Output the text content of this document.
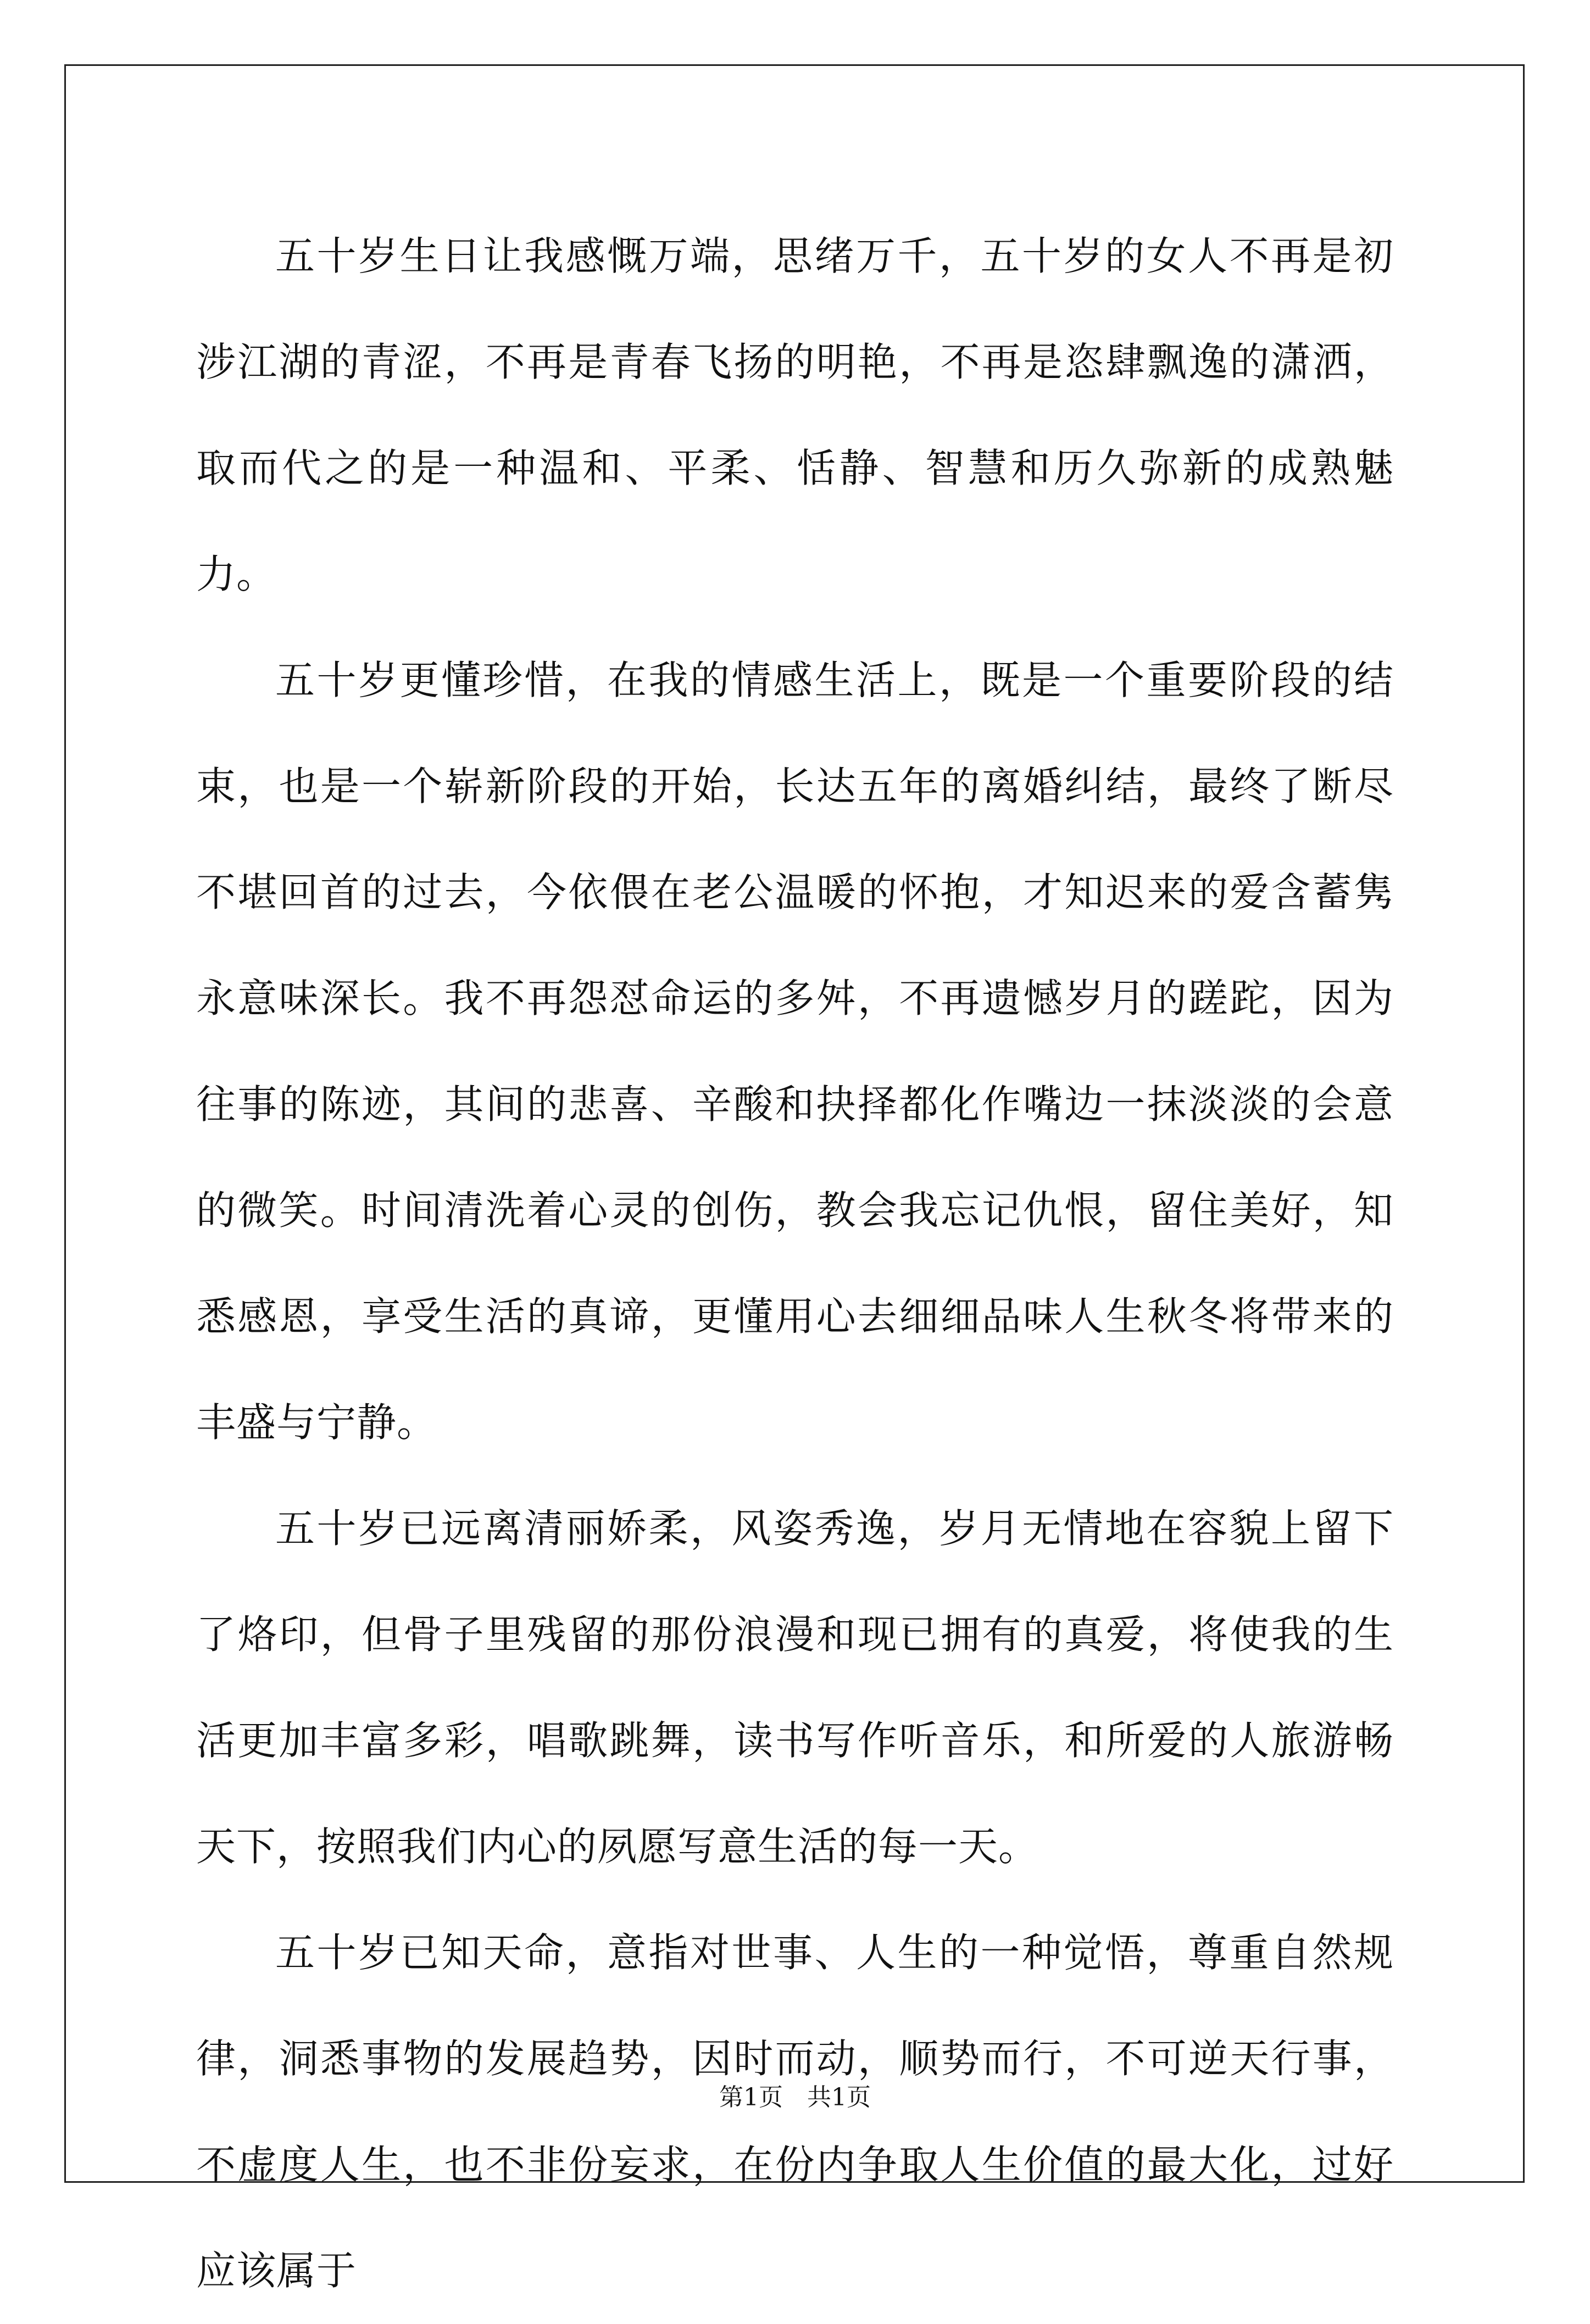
五十岁生日让我感慨万端，思绪万千，五十岁的女人不再是初涉江湖的青涩，不再是青春飞扬的明艳，不再是恣肆飘逸的潇洒，取而代之的是一种温和、平柔、恬静、智慧和历久弥新的成熟魅力。

五十岁更懂珍惜，在我的情感生活上，既是一个重要阶段的结束，也是一个崭新阶段的开始，长达五年的离婚纠结，最终了断尽不堪回首的过去，今依偎在老公温暖的怀抱，才知迟来的爱含蓄隽永意味深长。我不再怨怼命运的多舛，不再遗憾岁月的蹉跎，因为往事的陈迹，其间的悲喜、辛酸和抉择都化作嘴边一抹淡淡的会意的微笑。时间清洗着心灵的创伤，教会我忘记仇恨，留住美好，知悉感恩，享受生活的真谛，更懂用心去细细品味人生秋冬将带来的丰盛与宁静。

五十岁已远离清丽娇柔，风姿秀逸，岁月无情地在容貌上留下了烙印，但骨子里残留的那份浪漫和现已拥有的真爱，将使我的生活更加丰富多彩，唱歌跳舞，读书写作听音乐，和所爱的人旅游畅天下，按照我们内心的夙愿写意生活的每一天。

五十岁已知天命，意指对世事、人生的一种觉悟，尊重自然规律，洞悉事物的发展趋势，因时而动，顺势而行，不可逆天行事，不虚度人生，也不非份妄求，在份内争取人生价值的最大化，过好应该属于

第1页　共1页
